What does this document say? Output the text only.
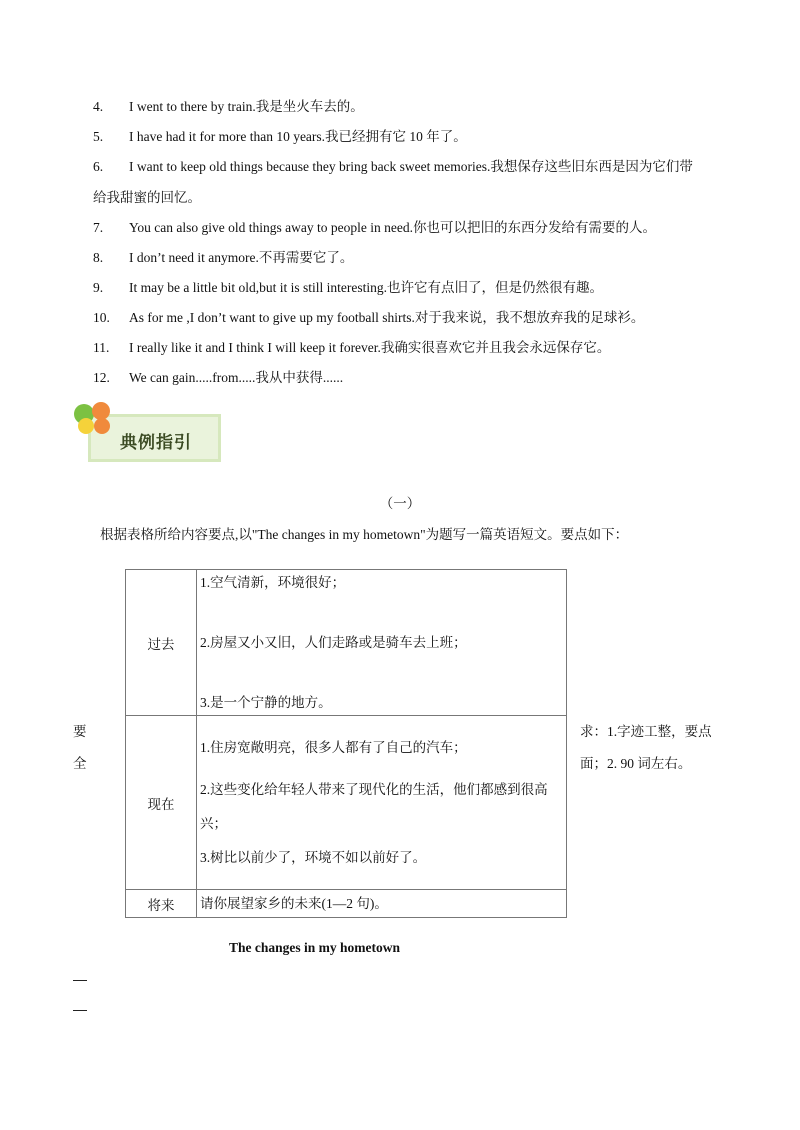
4. I went to there by train.我是坐火车去的。
5. I have had it for more than 10 years.我已经拥有它 10 年了。
6. I want to keep old things because they bring back sweet memories.我想保存这些旧东西是因为它们带
给我甜蜜的回忆。
7. You can also give old things away to people in need.你也可以把旧的东西分发给有需要的人。
8. I don’t need it anymore.不再需要它了。
9. It may be a little bit old,but it is still interesting.也许它有点旧了，但是仍然很有趣。
10. As for me ,I don’t want to give up my football shirts.对于我来说，我不想放弃我的足球衫。
11. I really like it and I think I will keep it forever.我确实很喜欢它并且我会永远保存它。
12. We can gain.....from.....我从中获得......
典例指引
（一）
根据表格所给内容要点,以"The changes in my hometown"为题写一篇英语短文。要点如下：
要
全
求：1.字迹工整，要点
面；2. 90 词左右。
过去	1.空气清新，环境很好；
2.房屋又小又旧，人们走路或是骑车去上班；
3.是一个宁静的地方。

现在	1.住房宽敞明亮，很多人都有了自己的汽车；
2.这些变化给年轻人带来了现代化的生活，他们都感到很高
兴；
3.树比以前少了，环境不如以前好了。

将来	请你展望家乡的未来(1—2 句)。
The changes in my hometown
